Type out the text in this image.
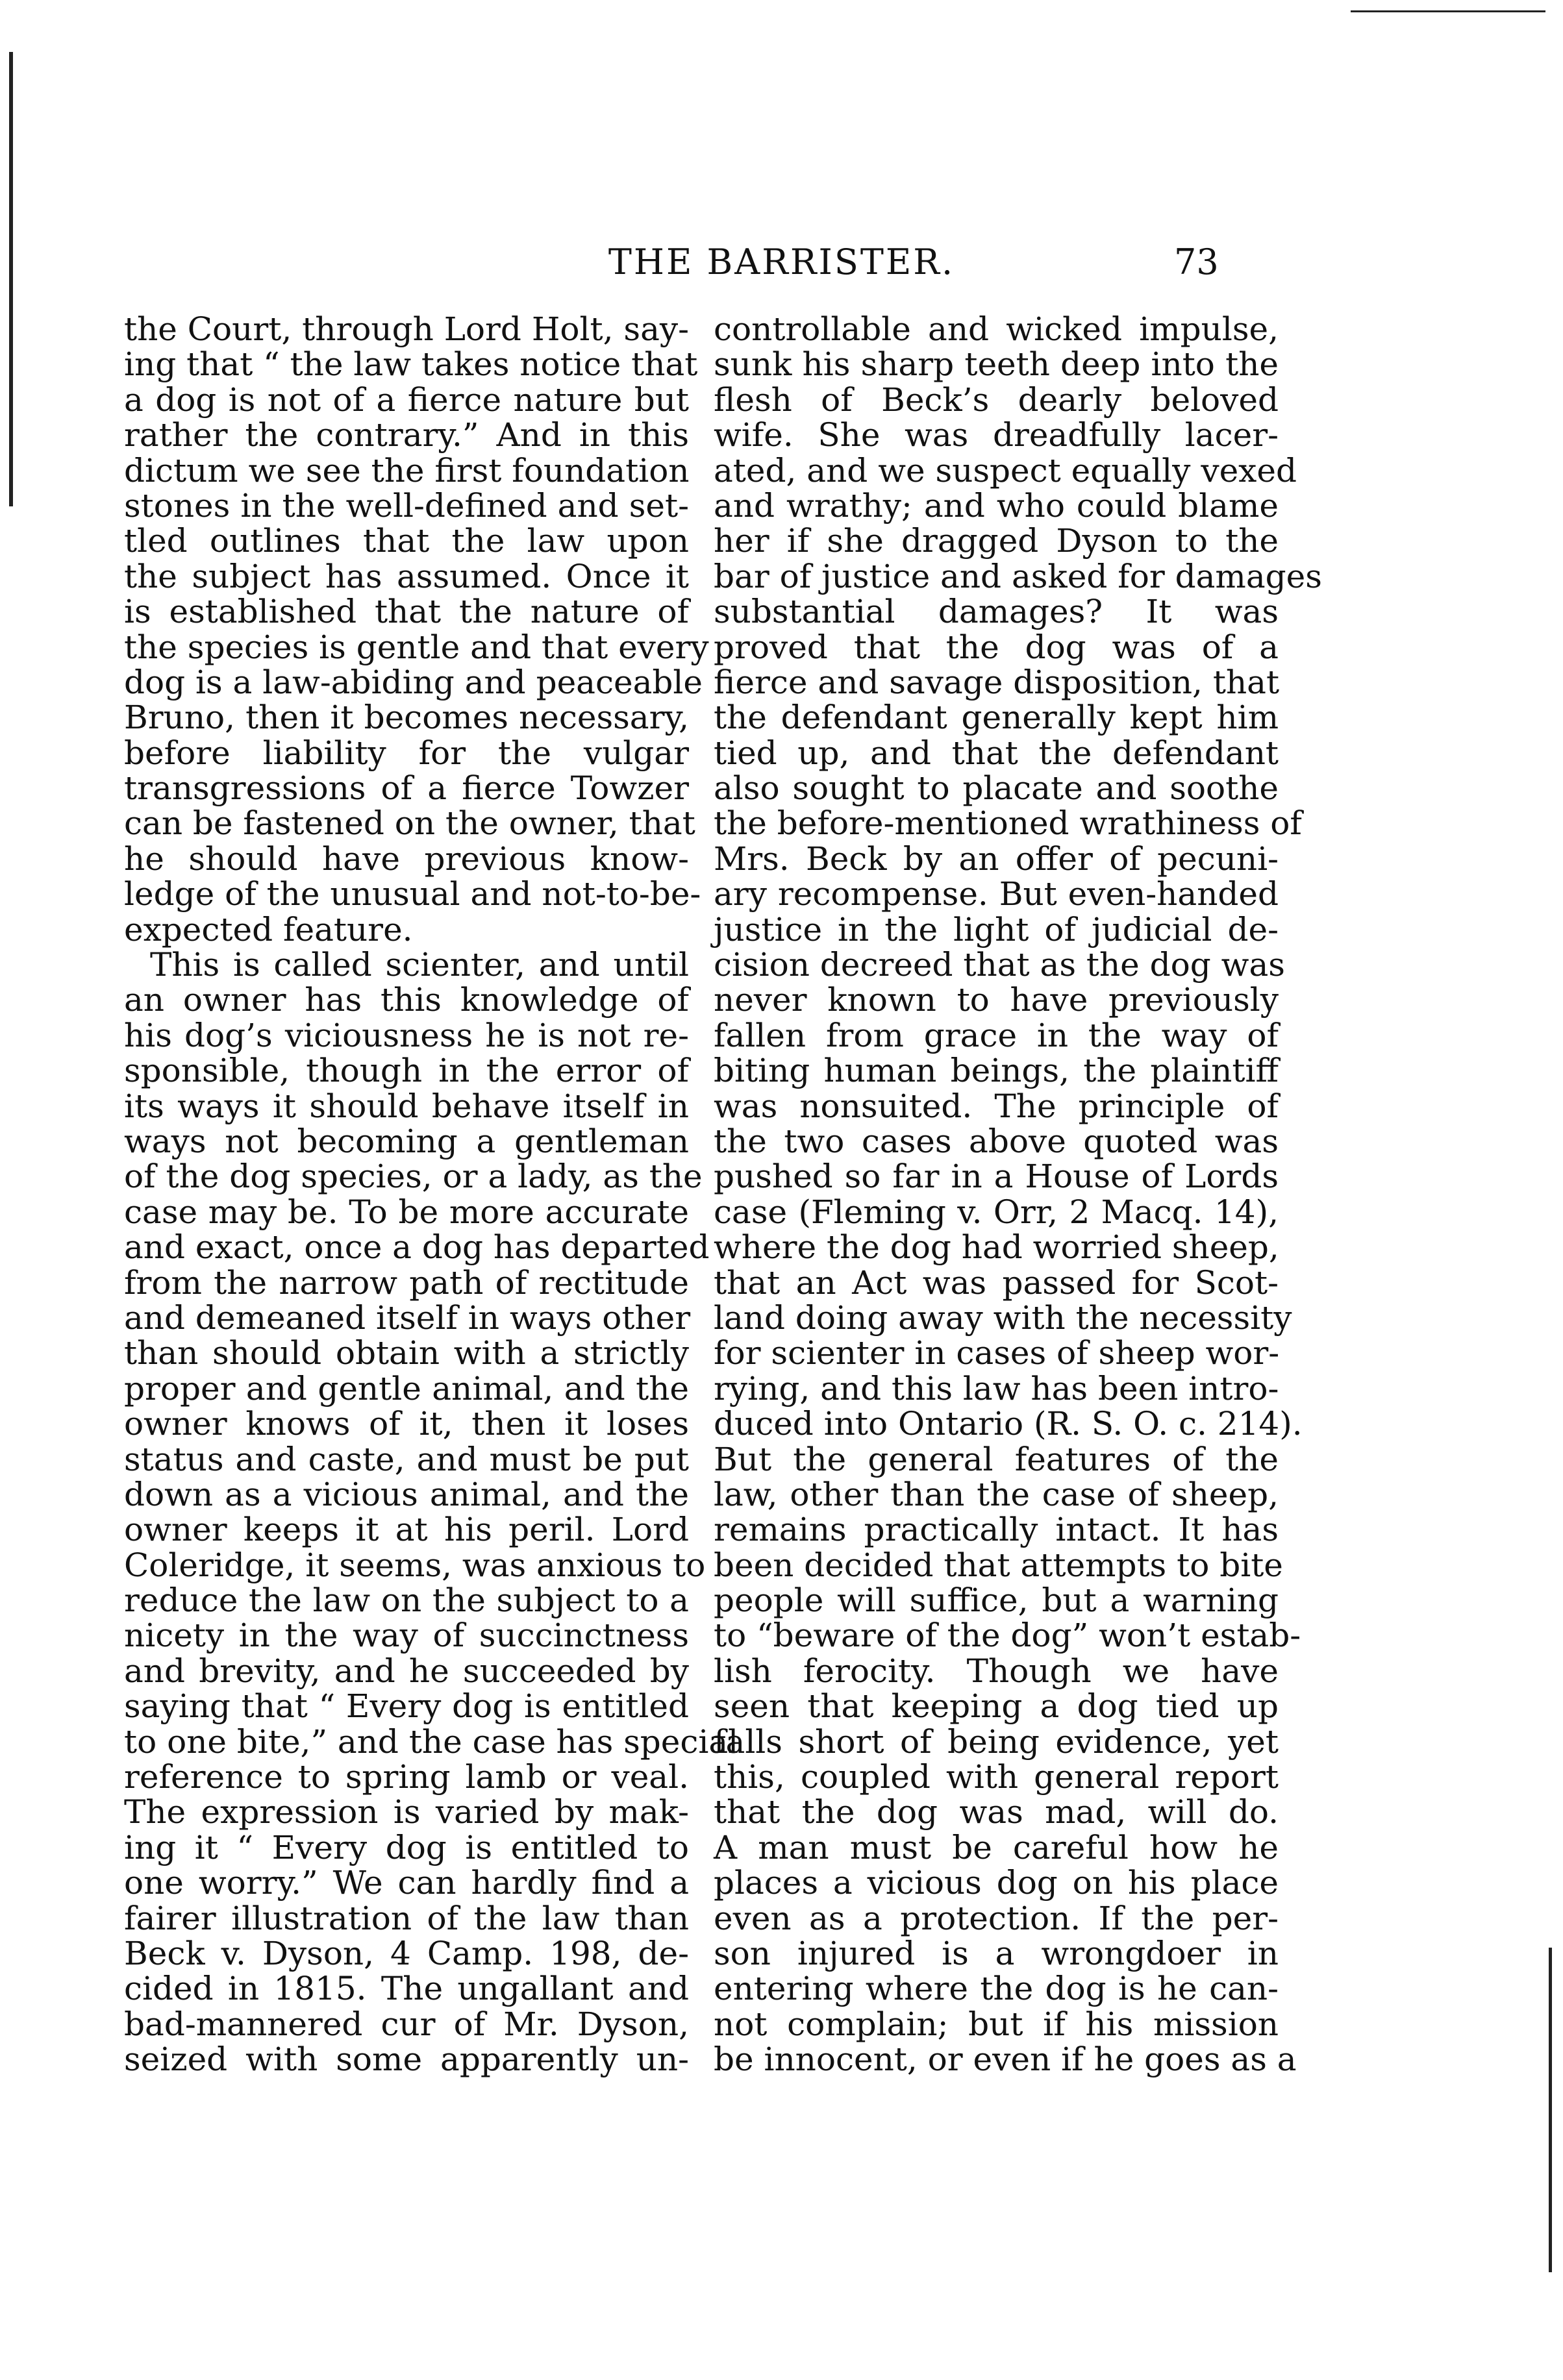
THE BARRISTER.	73
the Court, through Lord Holt, say-
ing that “ the law takes notice that
a dog is not of a fierce nature but
rather the contrary.” And in this
dictum we see the first foundation
stones in the well-defined and set-
tled outlines that the law upon
the subject has assumed. Once it
is established that the nature of
the species is gentle and that every
dog is a law-abiding and peaceable
Bruno, then it becomes necessary,
before liability for the vulgar
transgressions of a fierce Towzer
can be fastened on the owner, that
he should have previous know-
ledge of the unusual and not-to-be-
expected feature.
This is called scienter, and until
an owner has this knowledge of
his dog’s viciousness he is not re-
sponsible, though in the error of
its ways it should behave itself in
ways not becoming a gentleman
of the dog species, or a lady, as the
case may be. To be more accurate
and exact, once a dog has departed
from the narrow path of rectitude
and demeaned itself in ways other
than should obtain with a strictly
proper and gentle animal, and the
owner knows of it, then it loses
status and caste, and must be put
down as a vicious animal, and the
owner keeps it at his peril. Lord
Coleridge, it seems, was anxious to
reduce the law on the subject to a
nicety in the way of succinctness
and brevity, and he succeeded by
saying that “ Every dog is entitled
to one bite,” and the case has special
reference to spring lamb or veal.
The expression is varied by mak-
ing it “ Every dog is entitled to
one worry.” We can hardly find a
fairer illustration of the law than
Beck v. Dyson, 4 Camp. 198, de-
cided in 1815. The ungallant and
bad-mannered cur of Mr. Dyson,
seized with some apparently un-
controllable and wicked impulse,
sunk his sharp teeth deep into the
flesh of Beck’s dearly beloved
wife. She was dreadfully lacer-
ated, and we suspect equally vexed
and wrathy; and who could blame
her if she dragged Dyson to the
bar of justice and asked for damages
substantial damages? It was
proved that the dog was of a
fierce and savage disposition, that
the defendant generally kept him
tied up, and that the defendant
also sought to placate and soothe
the before-mentioned wrathiness of
Mrs. Beck by an offer of pecuni-
ary recompense. But even-handed
justice in the light of judicial de-
cision decreed that as the dog was
never known to have previously
fallen from grace in the way of
biting human beings, the plaintiff
was nonsuited. The principle of
the two cases above quoted was
pushed so far in a House of Lords
case (Fleming v. Orr, 2 Macq. 14),
where the dog had worried sheep,
that an Act was passed for Scot-
land doing away with the necessity
for scienter in cases of sheep wor-
rying, and this law has been intro-
duced into Ontario (R. S. O. c. 214).
But the general features of the
law, other than the case of sheep,
remains practically intact. It has
been decided that attempts to bite
people will suffice, but a warning
to “beware of the dog” won’t estab-
lish ferocity. Though we have
seen that keeping a dog tied up
falls short of being evidence, yet
this, coupled with general report
that the dog was mad, will do.
A man must be careful how he
places a vicious dog on his place
even as a protection. If the per-
son injured is a wrongdoer in
entering where the dog is he can-
not complain; but if his mission
be innocent, or even if he goes as a
